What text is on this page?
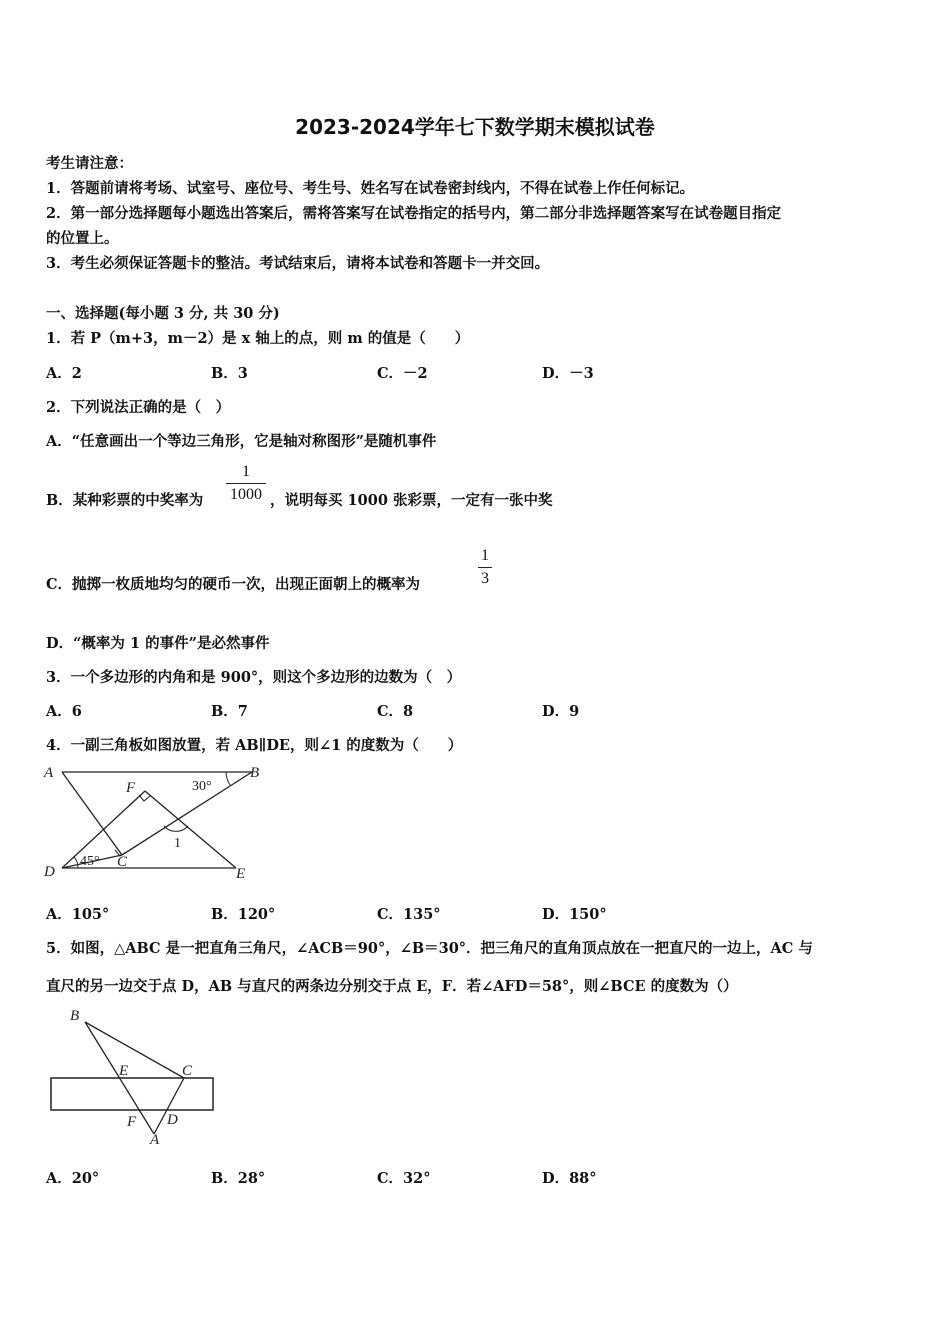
2023-2024学年七下数学期末模拟试卷
考生请注意：
1．答题前请将考场、试室号、座位号、考生号、姓名写在试卷密封线内，不得在试卷上作任何标记。
2．第一部分选择题每小题选出答案后，需将答案写在试卷指定的括号内，第二部分非选择题答案写在试卷题目指定
的位置上。
3．考生必须保证答题卡的整洁。考试结束后，请将本试卷和答题卡一并交回。
一、选择题(每小题 3 分, 共 30 分)
1．若 P（m+3，m－2）是 x 轴上的点，则 m 的值是（　　）
A．2	B．3	C．－2	D．－3
2．下列说法正确的是（　）
A．“任意画出一个等边三角形，它是轴对称图形”是随机事件
B．某种彩票的中奖率为
1
1000 ，说明每买 1000 张彩票，一定有一张中奖
C．抛掷一枚质地均匀的硬币一次，出现正面朝上的概率为
1
3
D．“概率为 1 的事件”是必然事件
3．一个多边形的内角和是 900°，则这个多边形的边数为（　）
A．6	B．7	C．8	D．9
4．一副三角板如图放置，若 AB∥DE，则∠1 的度数为（　　）
A	B
F
C
D	E
30°
45°
1
A．105°	B．120°	C．135°	D．150°
5．如图，△ABC 是一把直角三角尺，∠ACB＝90°，∠B＝30°．把三角尺的直角顶点放在一把直尺的一边上，AC 与
直尺的另一边交于点 D，AB 与直尺的两条边分别交于点 E，F．若∠AFD＝58°，则∠BCE 的度数为（）
B
E	C
F D
A
A．20°	B．28°	C．32°	D．88°
